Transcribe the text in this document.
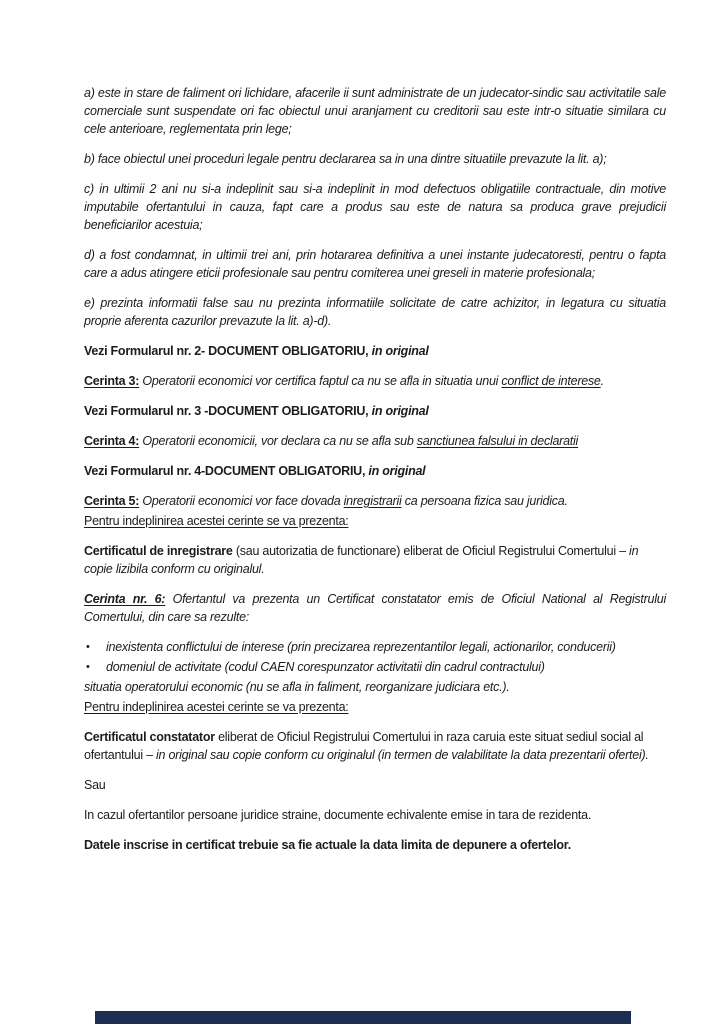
a) este in stare de faliment ori lichidare, afacerile ii sunt administrate de un judecator-sindic sau activitatile sale comerciale sunt suspendate ori fac obiectul unui aranjament cu creditorii sau este intr-o situatie similara cu cele anterioare, reglementata prin lege;

b) face obiectul unei proceduri legale pentru declararea sa in una dintre situatiile prevazute la lit. a);

c) in ultimii 2 ani nu si-a indeplinit sau si-a indeplinit in mod defectuos obligatiile contractuale, din motive imputabile ofertantului in cauza, fapt care a produs sau este de natura sa produca grave prejudicii beneficiarilor acestuia;

d) a fost condamnat, in ultimii trei ani, prin hotararea definitiva a unei instante judecatoresti, pentru o fapta care a adus atingere eticii profesionale sau pentru comiterea unei greseli in materie profesionala;

e) prezinta informatii false sau nu prezinta informatiile solicitate de catre achizitor, in legatura cu situatia proprie aferenta cazurilor prevazute la lit. a)-d).

Vezi Formularul nr. 2- DOCUMENT OBLIGATORIU, in original

Cerinta 3: Operatorii economici vor certifica faptul ca nu se afla in situatia unui conflict de interese.

Vezi Formularul nr. 3 -DOCUMENT OBLIGATORIU, in original

Cerinta 4: Operatorii economicii, vor declara ca nu se afla sub sanctiunea falsului in declaratii

Vezi Formularul nr. 4-DOCUMENT OBLIGATORIU, in original

Cerinta 5: Operatorii economici vor face dovada inregistrarii ca persoana fizica sau juridica.

Pentru indeplinirea acestei cerinte se va prezenta:

Certificatul de inregistrare (sau autorizatia de functionare) eliberat de Oficiul Registrului Comertului – in copie lizibila conform cu originalul.

Cerinta nr. 6: Ofertantul va prezenta un Certificat constatator emis de Oficiul National al Registrului Comertului, din care sa rezulte:

•	inexistenta conflictului de interese (prin precizarea reprezentantilor legali, actionarilor, conducerii)

•	domeniul de activitate (codul CAEN corespunzator activitatii din cadrul contractului)

situatia operatorului economic (nu se afla in faliment, reorganizare judiciara etc.).

Pentru indeplinirea acestei cerinte se va prezenta:

Certificatul constatator eliberat de Oficiul Registrului Comertului in raza caruia este situat sediul social al ofertantului – in original sau copie conform cu originalul (in termen de valabilitate la data prezentarii ofertei).

Sau

In cazul ofertantilor persoane juridice straine, documente echivalente emise in tara de rezidenta.

Datele inscrise in certificat trebuie sa fie actuale la data limita de depunere a ofertelor.
